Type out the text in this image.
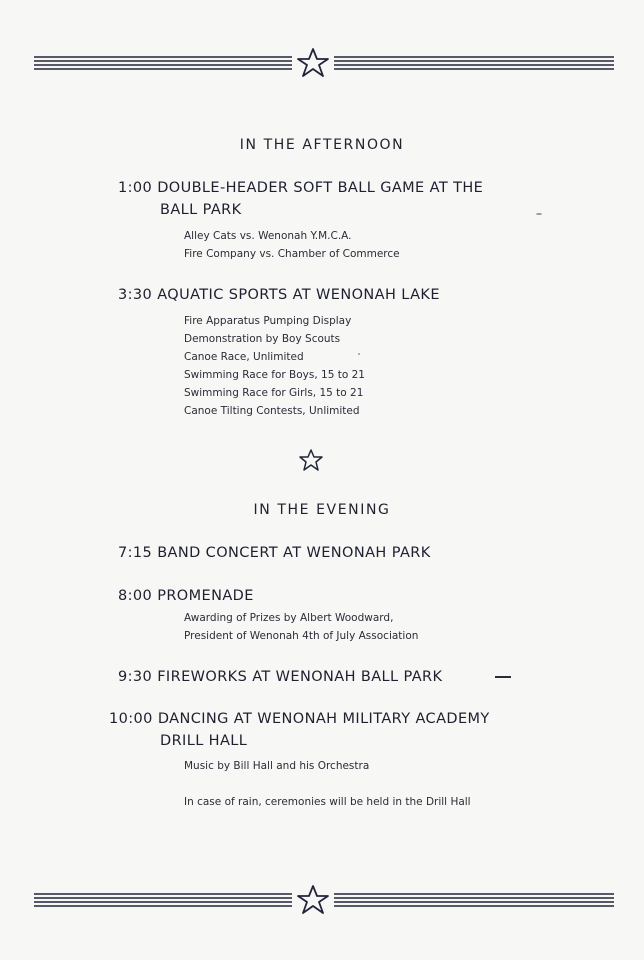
IN THE AFTERNOON
1:00 DOUBLE-HEADER SOFT BALL GAME AT THE
BALL PARK
Alley Cats vs. Wenonah Y.M.C.A.
Fire Company vs. Chamber of Commerce
3:30 AQUATIC SPORTS AT WENONAH LAKE
Fire Apparatus Pumping Display
Demonstration by Boy Scouts
Canoe Race, Unlimited
Swimming Race for Boys, 15 to 21
Swimming Race for Girls, 15 to 21
Canoe Tilting Contests, Unlimited
IN THE EVENING
7:15 BAND CONCERT AT WENONAH PARK
8:00 PROMENADE
Awarding of Prizes by Albert Woodward,
President of Wenonah 4th of July Association
9:30 FIREWORKS AT WENONAH BALL PARK
10:00 DANCING AT WENONAH MILITARY ACADEMY
DRILL HALL
Music by Bill Hall and his Orchestra
In case of rain, ceremonies will be held in the Drill Hall
